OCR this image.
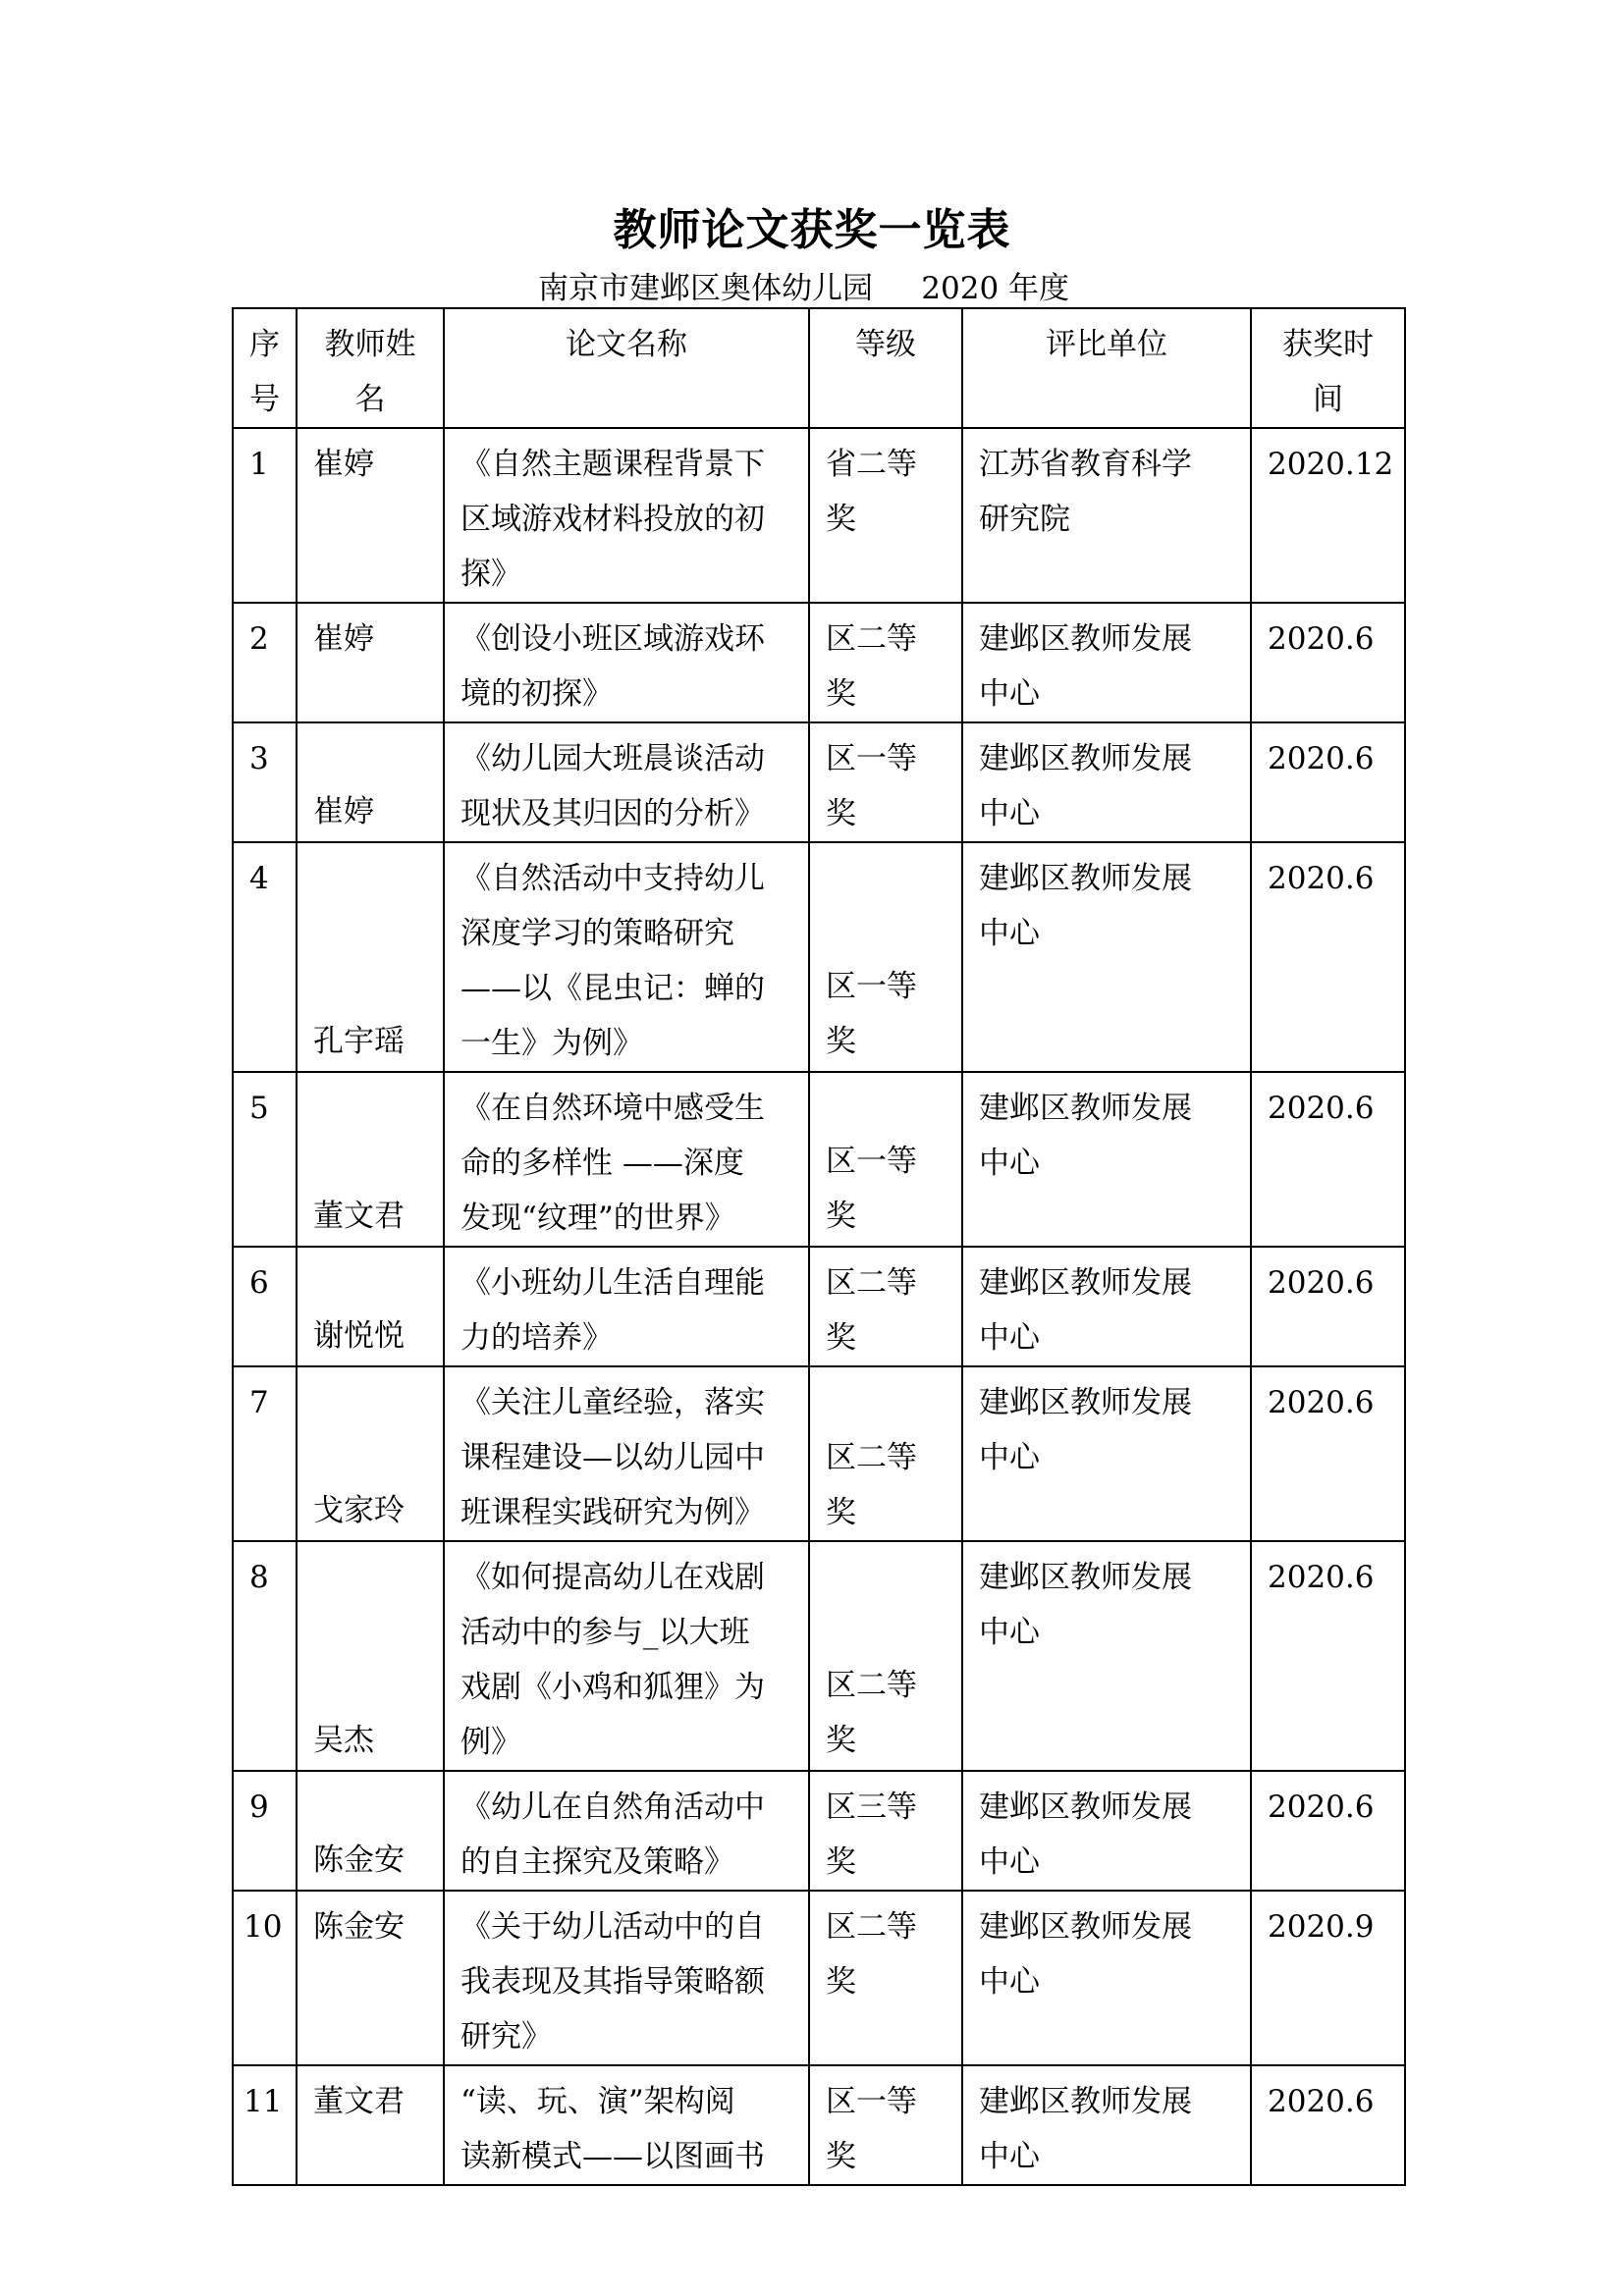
教师论文获奖一览表
南京市建邺区奥体幼儿园     2020 年度
序
号	教师姓
名	论文名称	等级	评比单位	获奖时
间

1	崔婷	《自然主题课程背景下
区域游戏材料投放的初
探》	省二等
奖	江苏省教育科学
研究院	2020.12
2	崔婷	《创设小班区域游戏环
境的初探》	区二等
奖	建邺区教师发展
中心	2020.6
3	崔婷	《幼儿园大班晨谈活动
现状及其归因的分析》	区一等
奖	建邺区教师发展
中心	2020.6
4	孔宇瑶	《自然活动中支持幼儿
深度学习的策略研究
——以《昆虫记：蝉的
一生》为例》	区一等
奖	建邺区教师发展
中心	2020.6
5	董文君	《在自然环境中感受生
命的多样性 ——深度
发现“纹理”的世界》	区一等
奖	建邺区教师发展
中心	2020.6
6	谢悦悦	《小班幼儿生活自理能
力的培养》	区二等
奖	建邺区教师发展
中心	2020.6
7	戈家玲	《关注儿童经验，落实
课程建设—以幼儿园中
班课程实践研究为例》	区二等
奖	建邺区教师发展
中心	2020.6
8	吴杰	《如何提高幼儿在戏剧
活动中的参与_以大班
戏剧《小鸡和狐狸》为
例》	区二等
奖	建邺区教师发展
中心	2020.6
9	陈金安	《幼儿在自然角活动中
的自主探究及策略》	区三等
奖	建邺区教师发展
中心	2020.6
10	陈金安	《关于幼儿活动中的自
我表现及其指导策略额
研究》	区二等
奖	建邺区教师发展
中心	2020.9
11	董文君	“读、玩、演”架构阅
读新模式——以图画书	区一等
奖	建邺区教师发展
中心	2020.6
